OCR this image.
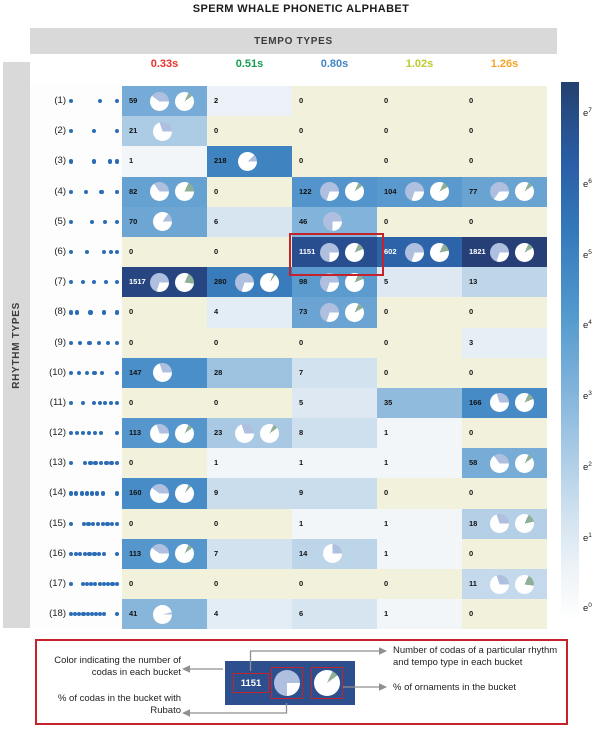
SPERM WHALE PHONETIC ALPHABET
TEMPO TYPES
0.33s	0.51s	0.80s	1.02s	1.26s
RHYTHM TYPES
(1)	59	2	0	0	0
(2)	21	0	0	0	0
(3)	1	218	0	0	0
(4)	82	0	122	104	77
(5)	70	6	46	0	0
(6)	0	0	1151	602	1821
(7)	1517	280	98	5	13
(8)	0	4	73	0	0
(9)	0	0	0	0	3
(10)	147	28	7	0	0
(11)	0	0	5	35	166
(12)	113	23	8	1	0
(13)	0	1	1	1	58
(14)	160	9	9	0	0
(15)	0	0	1	1	18
(16)	113	7	14	1	0
(17)	0	0	0	0	11
(18)	41	4	6	1	0
$e^7$
$e^6$
$e^5$
$e^4$
$e^3$
$e^2$
$e^1$
$e^0$
Color indicating the number of codas in each bucket
% of codas in the bucket with Rubato
Number of codas of a particular rhythm and tempo type in each bucket
% of ornaments in the bucket
1151
